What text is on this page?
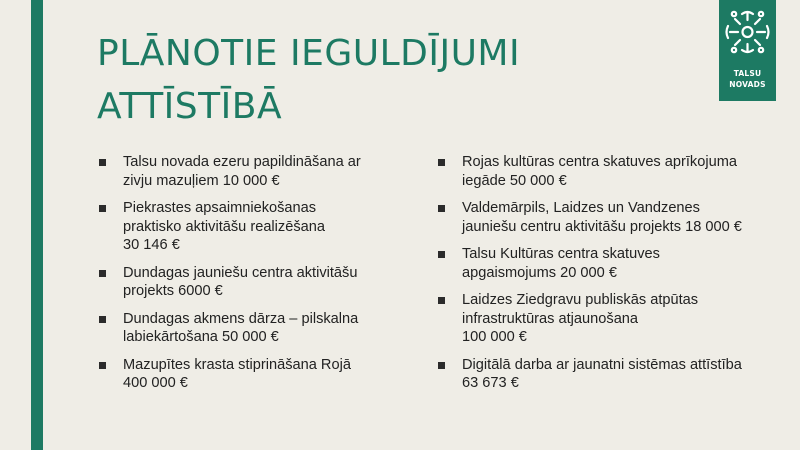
TALSU
NOVADS
PLĀNOTIE IEGULDĪJUMI
ATTĪSTĪBĀ
Talsu novada ezeru papildināšana ar
zivju mazuļiem 10 000 €
Piekrastes apsaimniekošanas
praktisko aktivitāšu realizēšana
30 146 €
Dundagas jauniešu centra aktivitāšu
projekts 6000 €
Dundagas akmens dārza – pilskalna
labiekārtošana 50 000 €
Mazupītes krasta stiprināšana Rojā
400 000 €
Rojas kultūras centra skatuves aprīkojuma
iegāde 50 000 €
Valdemārpils, Laidzes un Vandzenes
jauniešu centru aktivitāšu projekts 18 000 €
Talsu Kultūras centra skatuves
apgaismojums 20 000 €
Laidzes Ziedgravu publiskās atpūtas
infrastruktūras atjaunošana
100 000 €
Digitālā darba ar jaunatni sistēmas attīstība
63 673 €
